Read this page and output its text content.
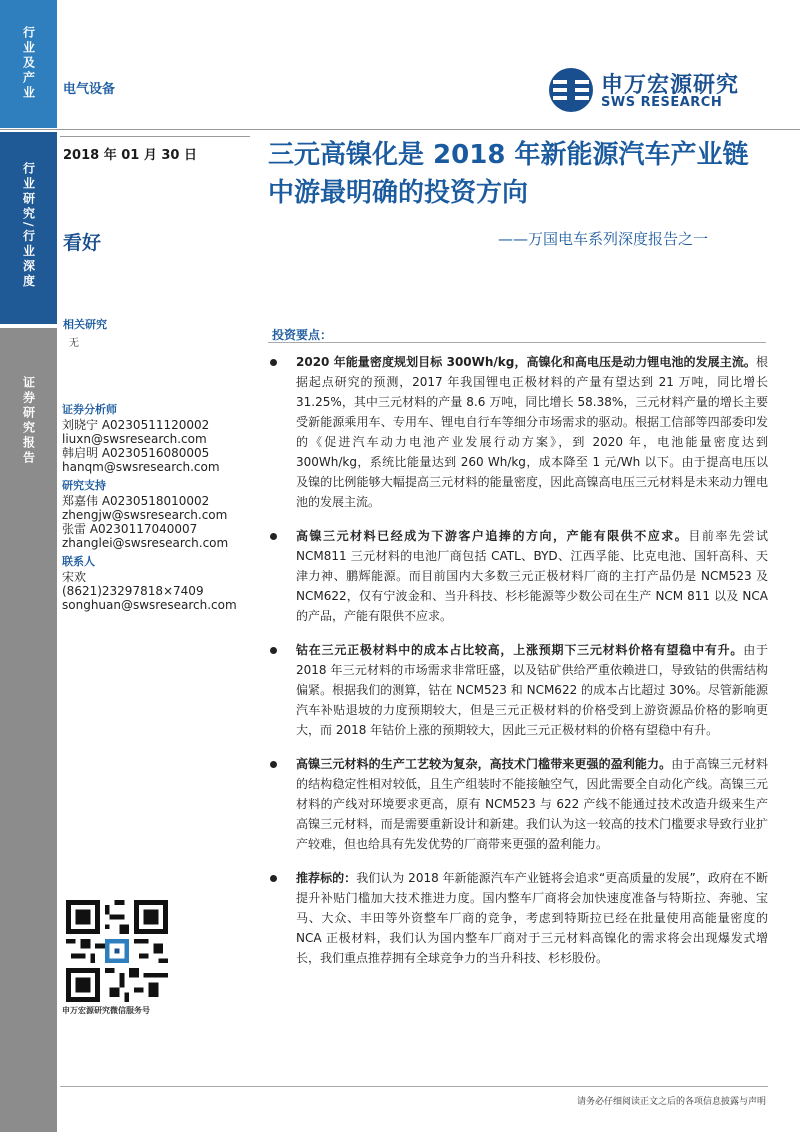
行业及产业
行业研究/行业深度
证券研究报告
电气设备	申万宏源研究
SWS RESEARCH
2018 年 01 月 30 日
看好
三元高镍化是 2018 年新能源汽车产业链中游最明确的投资方向
——万国电车系列深度报告之一
相关研究
无
证券分析师
刘晓宁 A0230511120002
liuxn@swsresearch.com
韩启明 A0230516080005
hanqm@swsresearch.com
研究支持
郑嘉伟 A0230518010002
zhengjw@swsresearch.com
张雷 A0230117040007
zhanglei@swsresearch.com
联系人
宋欢
(8621)23297818×7409
songhuan@swsresearch.com
申万宏源研究微信服务号
投资要点：
2020 年能量密度规划目标 300Wh/kg，高镍化和高电压是动力锂电池的发展主流。根据起点研究的预测，2017 年我国锂电正极材料的产量有望达到 21 万吨，同比增长 31.25%，其中三元材料的产量 8.6 万吨，同比增长 58.38%，三元材料产量的增长主要受新能源乘用车、专用车、锂电自行车等细分市场需求的驱动。根据工信部等四部委印发的《促进汽车动力电池产业发展行动方案》，到 2020 年，电池能量密度达到 300Wh/kg，系统比能量达到 260 Wh/kg，成本降至 1 元/Wh 以下。由于提高电压以及镍的比例能够大幅提高三元材料的能量密度，因此高镍高电压三元材料是未来动力锂电池的发展主流。
高镍三元材料已经成为下游客户追捧的方向，产能有限供不应求。目前率先尝试 NCM811 三元材料的电池厂商包括 CATL、BYD、江西孚能、比克电池、国轩高科、天津力神、鹏辉能源。而目前国内大多数三元正极材料厂商的主打产品仍是 NCM523 及 NCM622，仅有宁波金和、当升科技、杉杉能源等少数公司在生产 NCM 811 以及 NCA 的产品，产能有限供不应求。
钴在三元正极材料中的成本占比较高，上涨预期下三元材料价格有望稳中有升。由于 2018 年三元材料的市场需求非常旺盛，以及钴矿供给严重依赖进口，导致钴的供需结构偏紧。根据我们的测算，钴在 NCM523 和 NCM622 的成本占比超过 30%。尽管新能源汽车补贴退坡的力度预期较大，但是三元正极材料的价格受到上游资源品价格的影响更大，而 2018 年钴价上涨的预期较大，因此三元正极材料的价格有望稳中有升。
高镍三元材料的生产工艺较为复杂，高技术门槛带来更强的盈利能力。由于高镍三元材料的结构稳定性相对较低，且生产组装时不能接触空气，因此需要全自动化产线。高镍三元材料的产线对环境要求更高，原有 NCM523 与 622 产线不能通过技术改造升级来生产高镍三元材料，而是需要重新设计和新建。我们认为这一较高的技术门槛要求导致行业扩产较难，但也给具有先发优势的厂商带来更强的盈利能力。
推荐标的：我们认为 2018 年新能源汽车产业链将会追求“更高质量的发展”，政府在不断提升补贴门槛加大技术推进力度。国内整车厂商将会加快速度准备与特斯拉、奔驰、宝马、大众、丰田等外资整车厂商的竞争，考虑到特斯拉已经在批量使用高能量密度的 NCA 正极材料，我们认为国内整车厂商对于三元材料高镍化的需求将会出现爆发式增长，我们重点推荐拥有全球竞争力的当升科技、杉杉股份。
请务必仔细阅读正文之后的各项信息披露与声明
